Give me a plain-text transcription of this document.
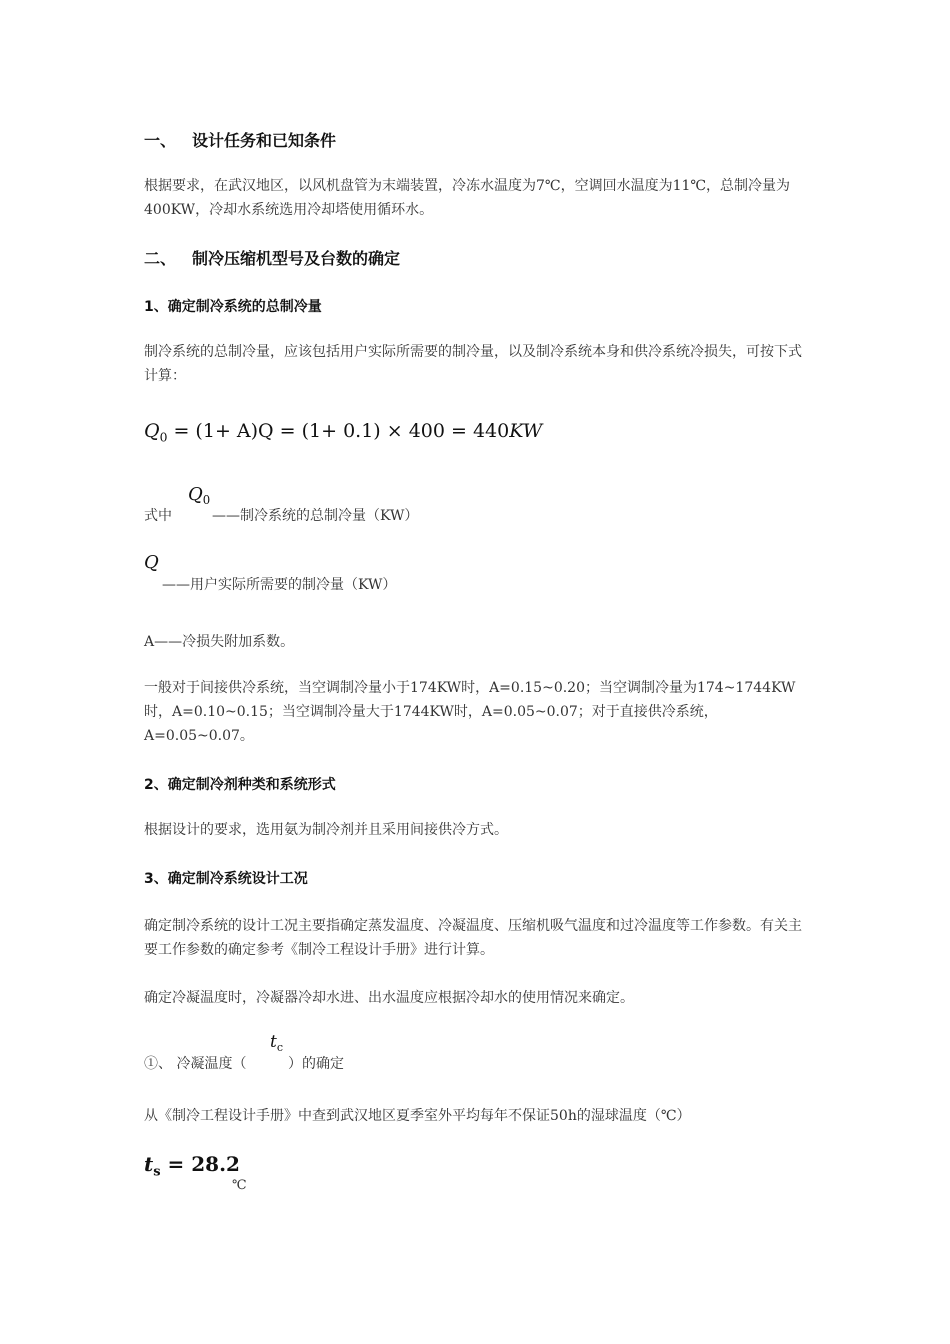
一、 设计任务和已知条件
根据要求，在武汉地区，以风机盘管为末端装置，冷冻水温度为7℃，空调回水温度为11℃，总制冷量为400KW，冷却水系统选用冷却塔使用循环水。
二、 制冷压缩机型号及台数的确定
1、确定制冷系统的总制冷量
制冷系统的总制冷量，应该包括用户实际所需要的制冷量，以及制冷系统本身和供冷系统冷损失，可按下式计算：
$Q_0 = (1+ A)Q = (1+ 0.1) \times 400 = 440KW$
式中
$Q_0$
——制冷系统的总制冷量（KW）
Q
——用户实际所需要的制冷量（KW）
A——冷损失附加系数。
一般对于间接供冷系统，当空调制冷量小于174KW时，A=0.15~0.20；当空调制冷量为174~1744KW时，A=0.10~0.15；当空调制冷量大于1744KW时，A=0.05~0.07；对于直接供冷系统，A=0.05~0.07。
2、确定制冷剂种类和系统形式
根据设计的要求，选用氨为制冷剂并且采用间接供冷方式。
3、确定制冷系统设计工况
确定制冷系统的设计工况主要指确定蒸发温度、冷凝温度、压缩机吸气温度和过冷温度等工作参数。有关主要工作参数的确定参考《制冷工程设计手册》进行计算。
确定冷凝温度时，冷凝器冷却水进、出水温度应根据冷却水的使用情况来确定。
①、 冷凝温度（
$t_c$
）的确定
从《制冷工程设计手册》中查到武汉地区夏季室外平均每年不保证50h的湿球温度（℃）
$t_s = 28.2$
℃
